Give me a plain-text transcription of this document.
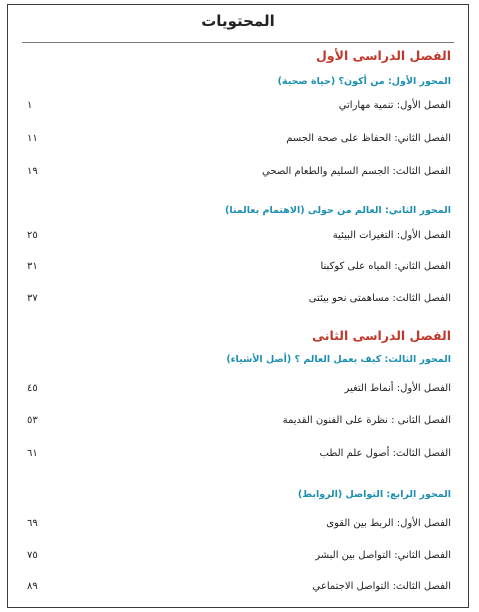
المحتويات
الفصل الدراسى الأول
المحور الأول: من أكون؟ (حياة صحية)
الفصل الأول: تنمية مهاراتي
١
الفصل الثاني: الحفاظ على صحة الجسم
١١
الفصل الثالث: الجسم السليم والطعام الصحي
١٩
المحور الثاني: العالم من حولى (الاهتمام بعالمنا)
الفصل الأول: التغيرات البيئية
٢٥
الفصل الثاني: المياه على كوكبنا
٣١
الفصل الثالث: مساهمتى نحو بيئتى
٣٧
الفصل الدراسى الثانى
المحور الثالث: كيف يعمل العالم ؟ (أصل الأشياء)
الفصل الأول: أنماط التغير
٤٥
الفصل الثانى : نظرة على الفنون القديمة
٥٣
الفصل الثالث: أصول علم الطب
٦١
المحور الرابع: التواصل (الروابط)
الفصل الأول: الربط بين القوى
٦٩
الفصل الثاني: التواصل بين البشر
٧٥
الفصل الثالث: التواصل الاجتماعي
٨٩
